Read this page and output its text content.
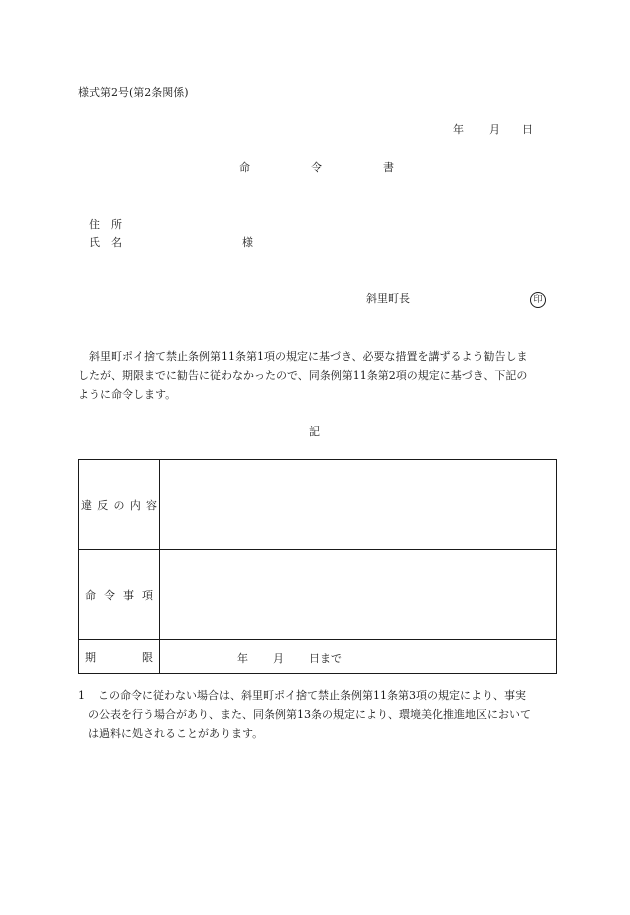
様式第2号(第2条関係)
年 月 日
命	令	書
住　所
氏　名	様
斜里町長	印

斜里町ポイ捨て禁止条例第11条第1項の規定に基づき、必要な措置を講ずるよう勧告しま

したが、期限までに勧告に従わなかったので、同条例第11条第2項の規定に基づき、下記の
ように命令します。
記
違 反 の 内 容	

命 令 事 項	

期 限	年 月 日まで
1	この命令に従わない場合は、斜里町ポイ捨て禁止条例第11条第3項の規定により、事実
の公表を行う場合があり、また、同条例第13条の規定により、環境美化推進地区において
は過料に処されることがあります。
